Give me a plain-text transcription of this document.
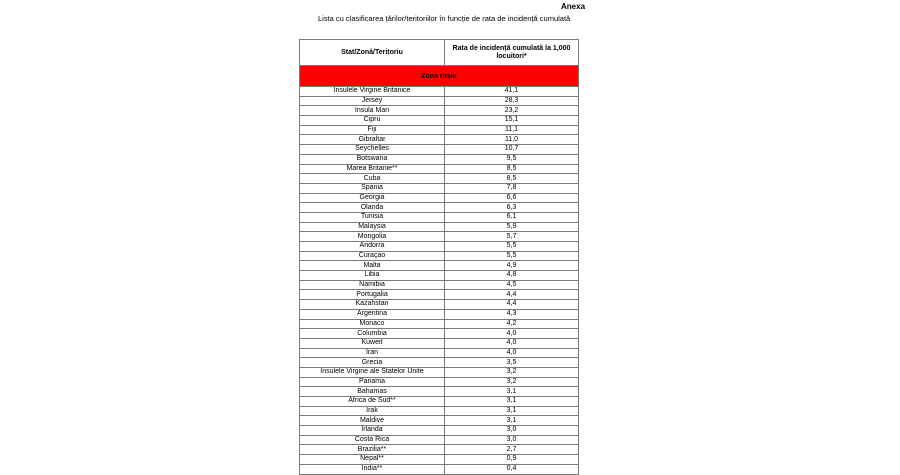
Anexa
Lista cu clasificarea țărilor/teritoriilor în funcție de rata de incidență cumulată
Stat/Zonă/Teritoriu	Rata de incidență cumulată la 1,000 locuitori*
Zona roșie	
Insulele Virgine Britanice	41,1
Jersey	28,3
Insula Man	23,2
Cipru	15,1
Fiji	11,1
Gibraltar	11,0
Seychelles	10,7
Botswana	9,5
Marea Britanie**	8,5
Cuba	8,5
Spania	7,8
Georgia	6,6
Olanda	6,3
Tunisia	6,1
Malaysia	5,9
Mongolia	5,7
Andorra	5,5
Curaçao	5,5
Malta	4,9
Libia	4,8
Namibia	4,5
Portugalia	4,4
Kazahstan	4,4
Argentina	4,3
Monaco	4,2
Columbia	4,0
Kuweit	4,0
Iran	4,0
Grecia	3,5
Insulele Virgine ale Statelor Unite	3,2
Panama	3,2
Bahamas	3,1
Africa de Sud**	3,1
Irak	3,1
Maldive	3,1
Irlanda	3,0
Costa Rica	3,0
Brazilia**	2,7
Nepal**	0,9
India**	0,4
